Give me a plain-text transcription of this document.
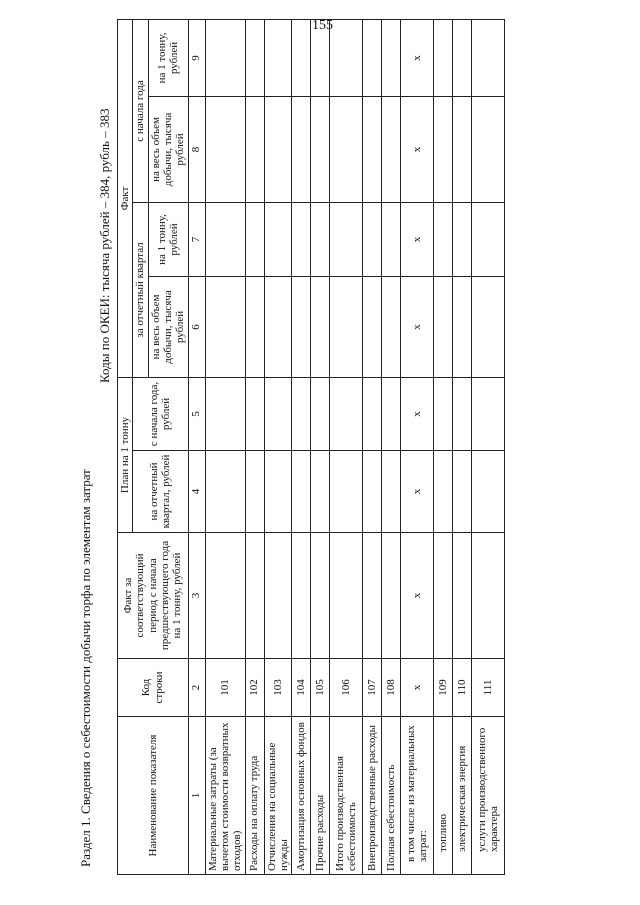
155
Раздел 1. Сведения о себестоимости добычи торфа по элементам затрат
Коды по ОКЕИ: тысяча рублей – 384, рубль – 383
Наименование показателя	Код строки	Факт за соответствующий период с начала предшествующего года на 1 тонну, рублей	План на 1 тонну		Факт			
			на отчетный квартал, рублей	с начала года, рублей	за отчетный квартал		с начала года	
					на весь объем добычи, тысяча рублей	на 1 тонну, рублей	на весь объем добычи, тысяча рублей	на 1 тонну, рублей
1	2	3	4	5	6	7	8	9
Материальные затраты (за вычетом стоимости возвратных отходов)	101							
Расходы на оплату труда	102							
Отчисления на социальные нужды	103							
Амортизация основных фондов	104							
Прочие расходы	105							
Итого производственная себестоимость	106							
Внепроизводственные расходы	107							
Полная себестоимость	108							
в том числе из материальных затрат:	х	х	х	х	х	х	х	х
топливо	109							
электрическая энергия	110							
услуги производственного характера	111							
